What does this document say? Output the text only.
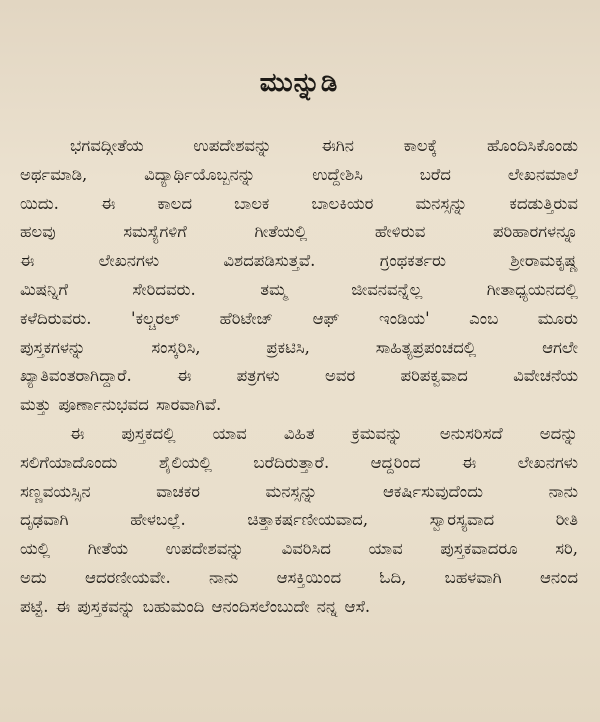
ಮುನ್ನುಡಿ
ಭಗವದ್ಗೀತೆಯ ಉಪದೇಶವನ್ನು ಈಗಿನ ಕಾಲಕ್ಕೆ ಹೊಂದಿಸಿಕೊಂಡು
ಅರ್ಥಮಾಡಿ, ವಿದ್ಯಾರ್ಥಿಯೊಬ್ಬನನ್ನು ಉದ್ದೇಶಿಸಿ ಬರೆದ ಲೇಖನಮಾಲೆ
ಯಿದು. ಈ ಕಾಲದ ಬಾಲಕ ಬಾಲಕಿಯರ ಮನಸ್ಸನ್ನು ಕದಡುತ್ತಿರುವ
ಹಲವು ಸಮಸ್ಯೆಗಳಿಗೆ ಗೀತೆಯಲ್ಲಿ ಹೇಳಿರುವ ಪರಿಹಾರಗಳನ್ನೂ
ಈ ಲೇಖನಗಳು ವಿಶದಪಡಿಸುತ್ತವೆ. ಗ್ರಂಥಕರ್ತರು ಶ್ರೀರಾಮಕೃಷ್ಣ
ಮಿಷನ್ನಿಗೆ ಸೇರಿದವರು. ತಮ್ಮ ಜೀವನವನ್ನೆಲ್ಲ ಗೀತಾಧ್ಯಯನದಲ್ಲಿ
ಕಳೆದಿರುವರು. 'ಕಲ್ಚರಲ್ ಹೆರಿಟೇಜ್ ಆಫ್ ಇಂಡಿಯ' ಎಂಬ ಮೂರು
ಪುಸ್ತಕಗಳನ್ನು ಸಂಸ್ಕರಿಸಿ, ಪ್ರಕಟಿಸಿ, ಸಾಹಿತ್ಯಪ್ರಪಂಚದಲ್ಲಿ ಆಗಲೇ
ಖ್ಯಾತಿವಂತರಾಗಿದ್ದಾರೆ. ಈ ಪತ್ರಗಳು ಅವರ ಪರಿಪಕ್ವವಾದ ವಿವೇಚನೆಯ
ಮತ್ತು ಪೂರ್ಣಾನುಭವದ ಸಾರವಾಗಿವೆ.
ಈ ಪುಸ್ತಕದಲ್ಲಿ ಯಾವ ವಿಹಿತ ಕ್ರಮವನ್ನು ಅನುಸರಿಸದೆ ಅದನ್ನು
ಸಲಿಗೆಯಾದೊಂದು ಶೈಲಿಯಲ್ಲಿ ಬರೆದಿರುತ್ತಾರೆ. ಆದ್ದರಿಂದ ಈ ಲೇಖನಗಳು
ಸಣ್ಣವಯಸ್ಸಿನ ವಾಚಕರ ಮನಸ್ಸನ್ನು ಆಕರ್ಷಿಸುವುದೆಂದು ನಾನು
ದೃಢವಾಗಿ ಹೇಳಬಲ್ಲೆ. ಚಿತ್ತಾಕರ್ಷಣೀಯವಾದ, ಸ್ವಾರಸ್ಯವಾದ ರೀತಿ
ಯಲ್ಲಿ ಗೀತೆಯ ಉಪದೇಶವನ್ನು ವಿವರಿಸಿದ ಯಾವ ಪುಸ್ತಕವಾದರೂ ಸರಿ,
ಅದು ಆದರಣೀಯವೇ. ನಾನು ಆಸಕ್ತಿಯಿಂದ ಓದಿ, ಬಹಳವಾಗಿ ಆನಂದ
ಪಟ್ಟೆ. ಈ ಪುಸ್ತಕವನ್ನು ಬಹುಮಂದಿ ಆನಂದಿಸಲೆಂಬುದೇ ನನ್ನ ಆಸೆ.
